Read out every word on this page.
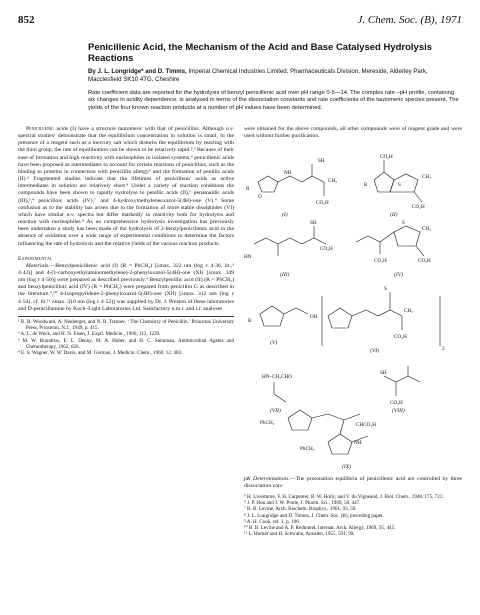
852	J. Chem. Soc. (B), 1971
Penicillenic Acid, the Mechanism of the Acid and Base Catalysed Hydrolysis Reactions
By J. L. Longridge* and D. Timms, Imperial Chemical Industries Limited, Pharmaceuticals Division, Mereside, Alderley Park, Macclesfield SK10 4TG, Cheshire
Rate coefficient data are reported for the hydrolysis of benzyl penicillenic acid over pH range 0·5—14. The complex rate –pH profile, containing six changes in acidity dependence, is analysed in terms of the dissociation constants and rate coefficients of the tautomeric species present. The yields of the four known reaction products at a number of pH values have been determined.

Penicillenic acids (I) have a structure tautomeric with that of penicillins. Although u.v. spectral studies¹ demonstrate that the equilibrium concentration in solution is small, in the presence of a reagent such as a mercury salt which disturbs the equilibrium by reacting with the thiol group, the rate of equilibration can be shown to be relatively rapid.²,³ Because of their ease of formation and high reactivity with nucleophiles in isolated systems,⁴ penicillenic acids have been proposed as intermediates to account for certain reactions of penicillins, such as the binding to proteins in connection with penicillin allergy⁵ and the formation of penillic acids (II).⁶ Fragmented studies indicate that the lifetimes of penicillenic acids as active intermediates in solution are relatively short.⁴ Under a variety of reaction conditions the compounds have been shown to rapidly hydrolyse to penillic acids (II),⁶ penamaldic acids (III),³,⁴ penicilloic acids (IV),⁷ and 4-hydroxymethyleneoxazol-5(4H)-one (V).⁴ Some confusion as to the stability has arisen due to the formation of more stable disulphides (VI) which have similar u.v. spectra but differ markedly in reactivity both for hydrolysis and reaction with nucleophiles.⁸ As no comprehensive hydrolysis investigation has previously been undertaken a study has been made of the hydrolysis of 2-benzylpenicillenic acid in the absence of oxidation over a wide range of experimental conditions to determine the factors influencing the rate of hydrolysis and the relative yields of the various reaction products.

Experimental

Materials.—Benzylpenicillenic acid (I) (R = PhCH₂) [λmax. 322 nm (log ε 4·36, lit.,¹ 4·42)] and 4-(1-carboxyethylaminomethylene)-2-phenyloxazol-5(4H)-one (XI) [λmax. 349 nm (log ε 4·50)] were prepared as described previously.⁴ Benzylpenillic acid (II) (R = PhCH₂) and benzylpenicilloic acid (IV) (R = PhCH₂) were prepared from penicillin G as described in the literature.⁹,¹⁰ 4-Isopropylidene-2-phenyloxazol-5(4H)-one (XII) [λmax. 312 nm (log ε 4·54), cf. lit.¹¹ λmax. 310 nm (log ε 4·52)] was supplied by Dr. J. Preston of these laboratories and D-penicillamine by Koch–Light Laboratories Ltd. Satisfactory n.m.r. and i.r. analyses

¹ R. B. Woodward, A. Neuberger, and N. R. Trenner, ‘ The Chemistry of Penicillin,’ Princeton University Press, Princeton, N.J., 1949, p. 415.
² A. L. de Weck, and H. N. Eisen, J. Exptl. Medicin., 1960, 112, 1229.
³ M. W. Brandriss, E. L. Denny, M. A. Huber, and H. C. Steinman, Antimicrobial Agents and Chemotherapy, 1962, 626.
⁴ E. S. Wagner, W. W. Davis, and M. Gorman, J. Medicin. Chem., 1969, 12, 483.

were obtained for the above compounds, all other compounds were of reagent grade and were used without further purification.

R
O
SH
CH₃
CO₂H
NH
CO₂H
CH₃
CO₂H
R	S
HN
SH
CO₂H
CO₂H
S
CH₃
CO₂H
OH
R
S
CH₃
CO₂H
2
HN–CH₂CHO
SH
CO₂H
PhCH₂	CHCO₂H
PhCH₂
NH
(I)	(II)
(III)	(IV)
(V)
(VI)
(VII)	(VIII)
(IX)
pK Determinations.—The protonation equilibria of penicillenic acid are controlled by three dissociation con-
⁵ H. Livermore, F. H. Carpenter, R. W. Holly, and V. du Vigneaud, J. Biol. Chem., 1948, 175, 721.
⁶ J. P. Hou and J. W. Poole, J. Pharm. Sci., 1969, 58, 447.
⁷ B. B. Levine, Arch. Biochem. Biophys., 1961, 93, 50.
⁸ J. L. Longridge and D. Timms, J. Chem. Soc. (B), preceding paper.
⁹ A. H. Cook, ref. 1, p. 106.
¹⁰ B. B. Levine and A. P. Redmond, Internat. Arch. Allergy, 1969, 35, 445.
¹¹ L. Horner and H. Schwahn, Annalen, 1955, 591, 99.
